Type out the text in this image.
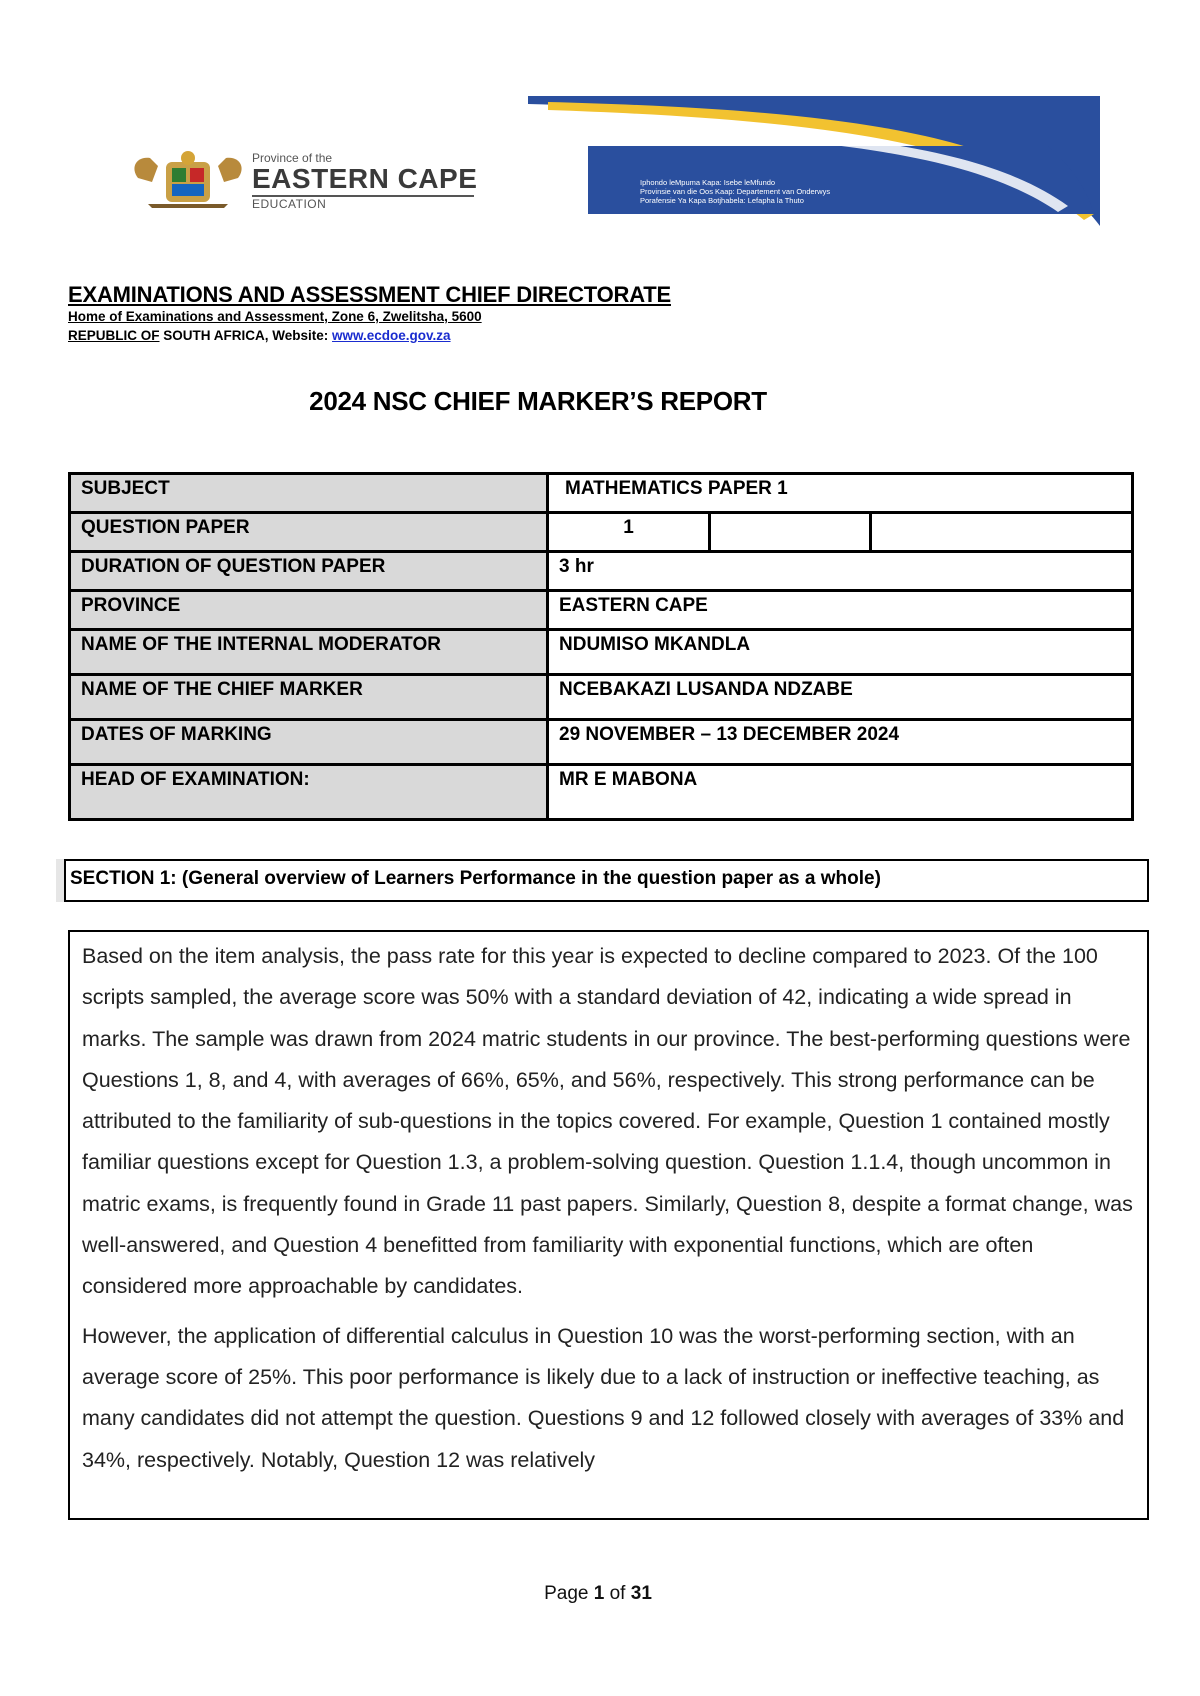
Province of the
EASTERN CAPE
EDUCATION
Iphondo leMpuma Kapa: Isebe leMfundo
Provinsie van die Oos Kaap: Departement van Onderwys
Porafensie Ya Kapa Botjhabela: Lefapha la Thuto
EXAMINATIONS AND ASSESSMENT CHIEF DIRECTORATE
Home of Examinations and Assessment, Zone 6, Zwelitsha, 5600
REPUBLIC OF SOUTH AFRICA, Website: www.ecdoe.gov.za
2024 NSC CHIEF MARKER’S REPORT
SUBJECT	MATHEMATICS PAPER 1
QUESTION PAPER	1

DURATION OF QUESTION PAPER	3 hr
PROVINCE	EASTERN CAPE
NAME OF THE INTERNAL MODERATOR	NDUMISO MKANDLA
NAME OF THE CHIEF MARKER	NCEBAKAZI LUSANDA NDZABE
DATES OF MARKING	29 NOVEMBER – 13 DECEMBER 2024
HEAD OF EXAMINATION:	MR E MABONA
SECTION 1: (General overview of Learners Performance in the question paper as a whole)

Based on the item analysis, the pass rate for this year is expected to decline compared to 2023. Of the 100 scripts sampled, the average score was 50% with a standard deviation of 42, indicating a wide spread in marks. The sample was drawn from 2024 matric students in our province. The best-performing questions were Questions 1, 8, and 4, with averages of 66%, 65%, and 56%, respectively. This strong performance can be attributed to the familiarity of sub-questions in the topics covered. For example, Question 1 contained mostly familiar questions except for Question 1.3, a problem-solving question. Question 1.1.4, though uncommon in matric exams, is frequently found in Grade 11 past papers. Similarly, Question 8, despite a format change, was well-answered, and Question 4 benefitted from familiarity with exponential functions, which are often considered more approachable by candidates.

However, the application of differential calculus in Question 10 was the worst-performing section, with an average score of 25%. This poor performance is likely due to a lack of instruction or ineffective teaching, as many candidates did not attempt the question. Questions 9 and 12 followed closely with averages of 33% and 34%, respectively. Notably, Question 12 was relatively

Page 1 of 31
